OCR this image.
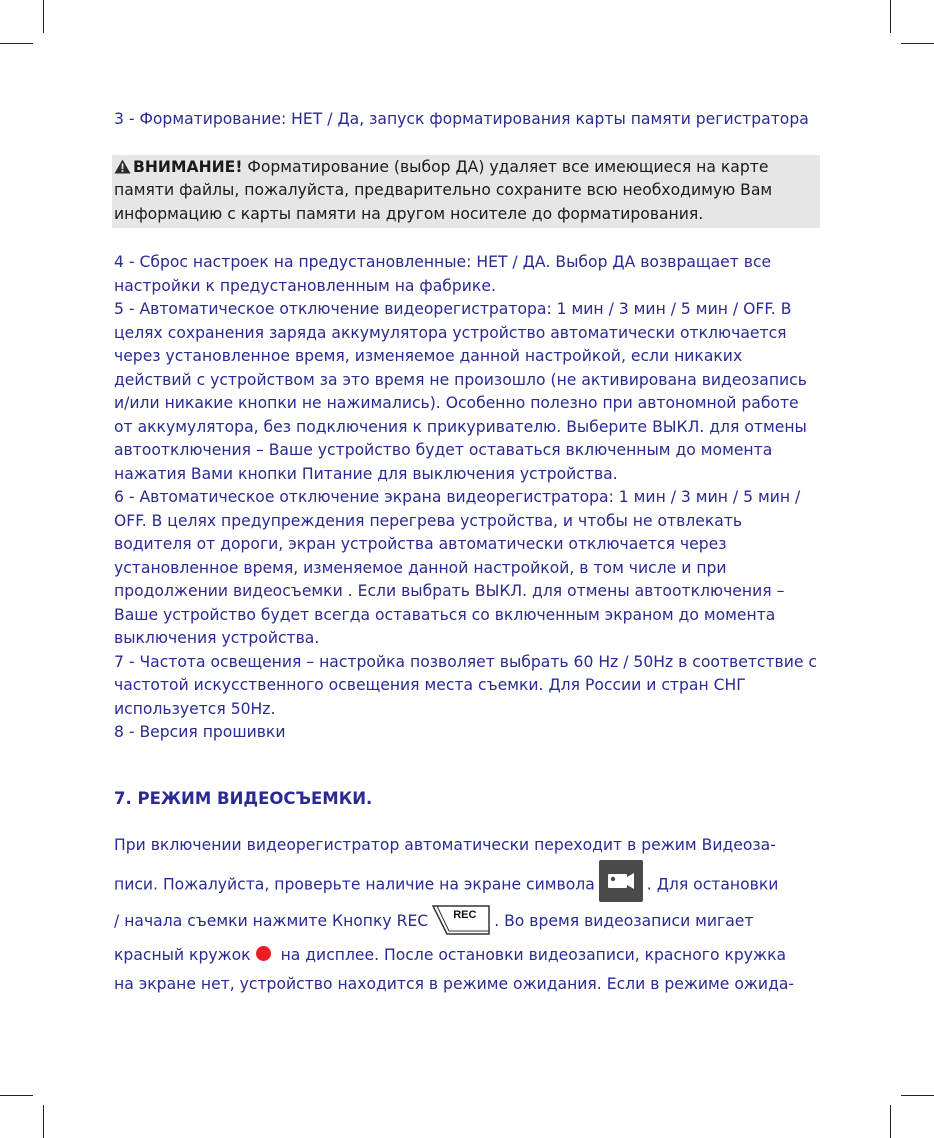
3 - Форматирование: НЕТ / Да, запуск форматирования карты памяти регистратора

ВНИМАНИЕ! Форматирование (выбор ДА) удаляет все имеющиеся на карте памяти файлы, пожалуйста, предварительно сохраните всю необходимую Вам информацию с карты памяти на другом носителе до форматирования.

4 - Сброс настроек на предустановленные: НЕТ / ДА. Выбор ДА возвращает все настройки к предустановленным на фабрике.

5 - Автоматическое отключение видеорегистратора: 1 мин / 3 мин / 5 мин / OFF. В целях сохранения заряда аккумулятора устройство автоматически отключается через установленное время, изменяемое данной настройкой, если никаких действий с устройством за это время не произошло (не активирована видеозапись и/или никакие кнопки не нажимались). Особенно полезно при автономной работе от аккумулятора, без подключения к прикуривателю. Выберите ВЫКЛ. для отмены автоотключения – Ваше устройство будет оставаться включенным до момента нажатия Вами кнопки Питание для выключения устройства.

6 - Автоматическое отключение экрана видеорегистратора: 1 мин / 3 мин / 5 мин / OFF. В целях предупреждения перегрева устройства, и чтобы не отвлекать водителя от дороги, экран устройства автоматически отключается через установленное время, изменяемое данной настройкой, в том числе и при продолжении видеосъемки . Если выбрать ВЫКЛ. для отмены автоотключения – Ваше устройство будет всегда оставаться со включенным экраном до момента выключения устройства.

7 - Частота освещения – настройка позволяет выбрать 60 Hz / 50Hz в соответствие с частотой искусственного освещения места съемки. Для России и стран СНГ используется 50Hz.

8 - Версия прошивки

7. РЕЖИМ ВИДЕОСЪЕМКИ.

При включении видеорегистратор автоматически переходит в режим Видеоза-
писи. Пожалуйста, проверьте наличие на экране символа	. Для остановки
/ начала съемки нажмите Кнопку REC REC . Во время видеозаписи мигает
красный кружок на дисплее. После остановки видеозаписи, красного кружка
на экране нет, устройство находится в режиме ожидания. Если в режиме ожида-
